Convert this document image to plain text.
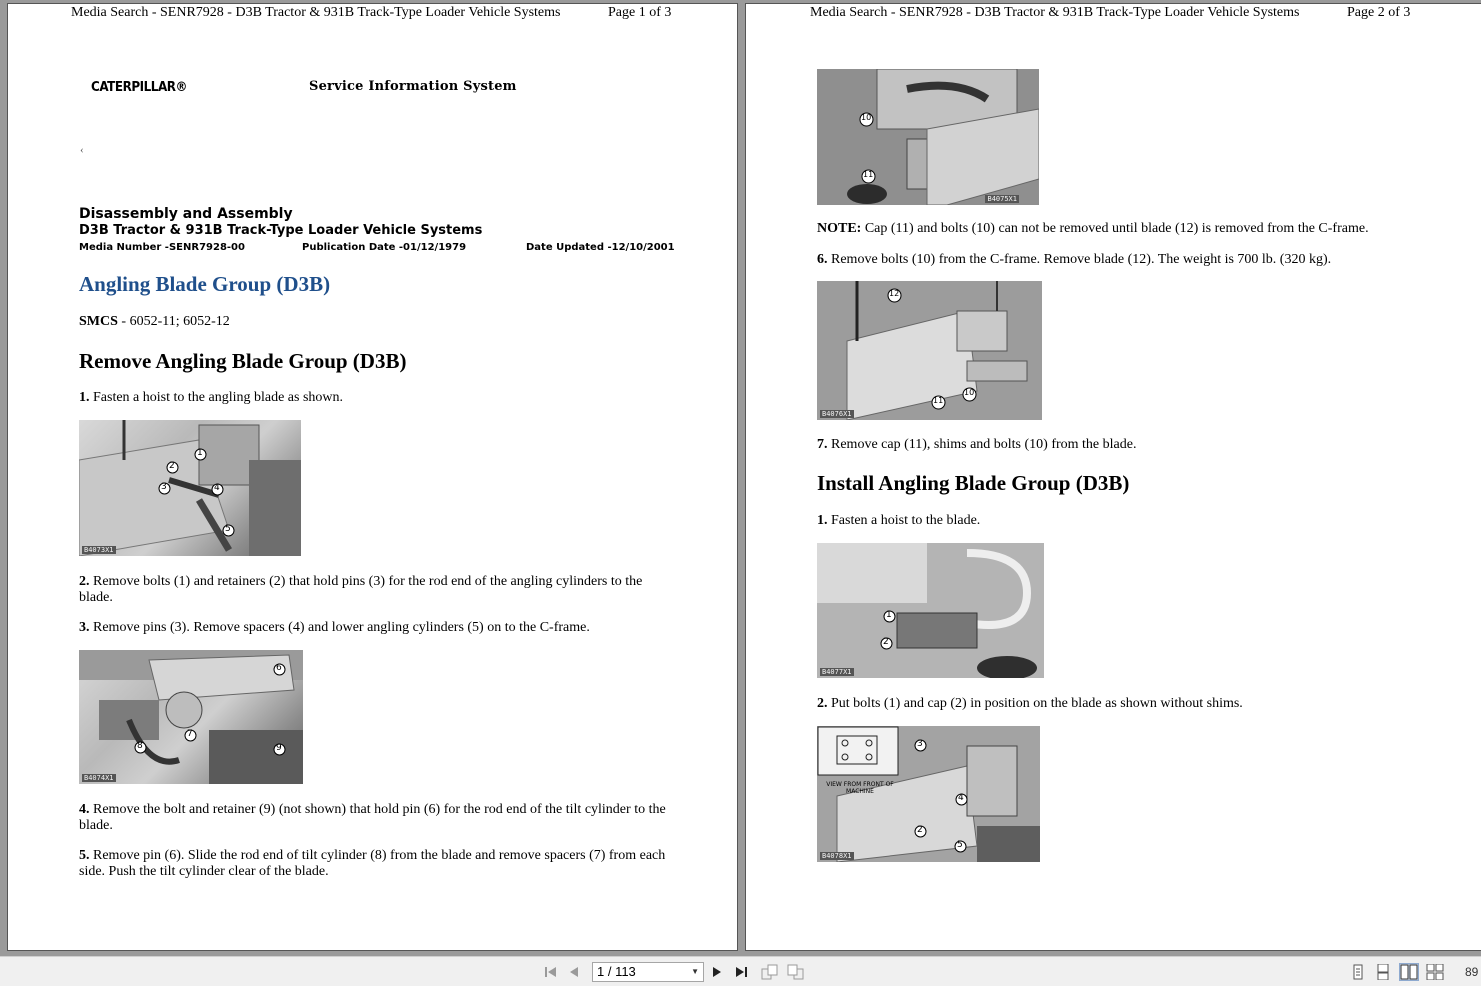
Media Search - SENR7928 - D3B Tractor & 931B Track-Type Loader Vehicle Systems	Page 1 of 3
CATERPILLAR®	Service Information System
‹
Disassembly and Assembly
D3B Tractor & 931B Track-Type Loader Vehicle Systems
Media Number -SENR7928-00	Publication Date -01/12/1979	Date Updated -12/10/2001
Angling Blade Group (D3B)
SMCS - 6052-11; 6052-12
Remove Angling Blade Group (D3B)
1. Fasten a hoist to the angling blade as shown.
1
2
3	4
5
B4073X1
2. Remove bolts (1) and retainers (2) that hold pins (3) for the rod end of the angling cylinders to the blade.
3. Remove pins (3). Remove spacers (4) and lower angling cylinders (5) on to the C-frame.
6
7
8	9
B4074X1
4. Remove the bolt and retainer (9) (not shown) that hold pin (6) for the rod end of the tilt cylinder to the blade.
5. Remove pin (6). Slide the rod end of tilt cylinder (8) from the blade and remove spacers (7) from each side. Push the tilt cylinder clear of the blade.
Media Search - SENR7928 - D3B Tractor & 931B Track-Type Loader Vehicle Systems	Page 2 of 3
10
11
B4075X1
NOTE: Cap (11) and bolts (10) can not be removed until blade (12) is removed from the C-frame.
6. Remove bolts (10) from the C-frame. Remove blade (12). The weight is 700 lb. (320 kg).
12
11
10
B4076X1
7. Remove cap (11), shims and bolts (10) from the blade.
Install Angling Blade Group (D3B)
1. Fasten a hoist to the blade.
1
2
B4077X1
2. Put bolts (1) and cap (2) in position on the blade as shown without shims.
VIEW FROM FRONT OF MACHINE
3
4
2
5
B4078X1
1 / 113	▼	89
